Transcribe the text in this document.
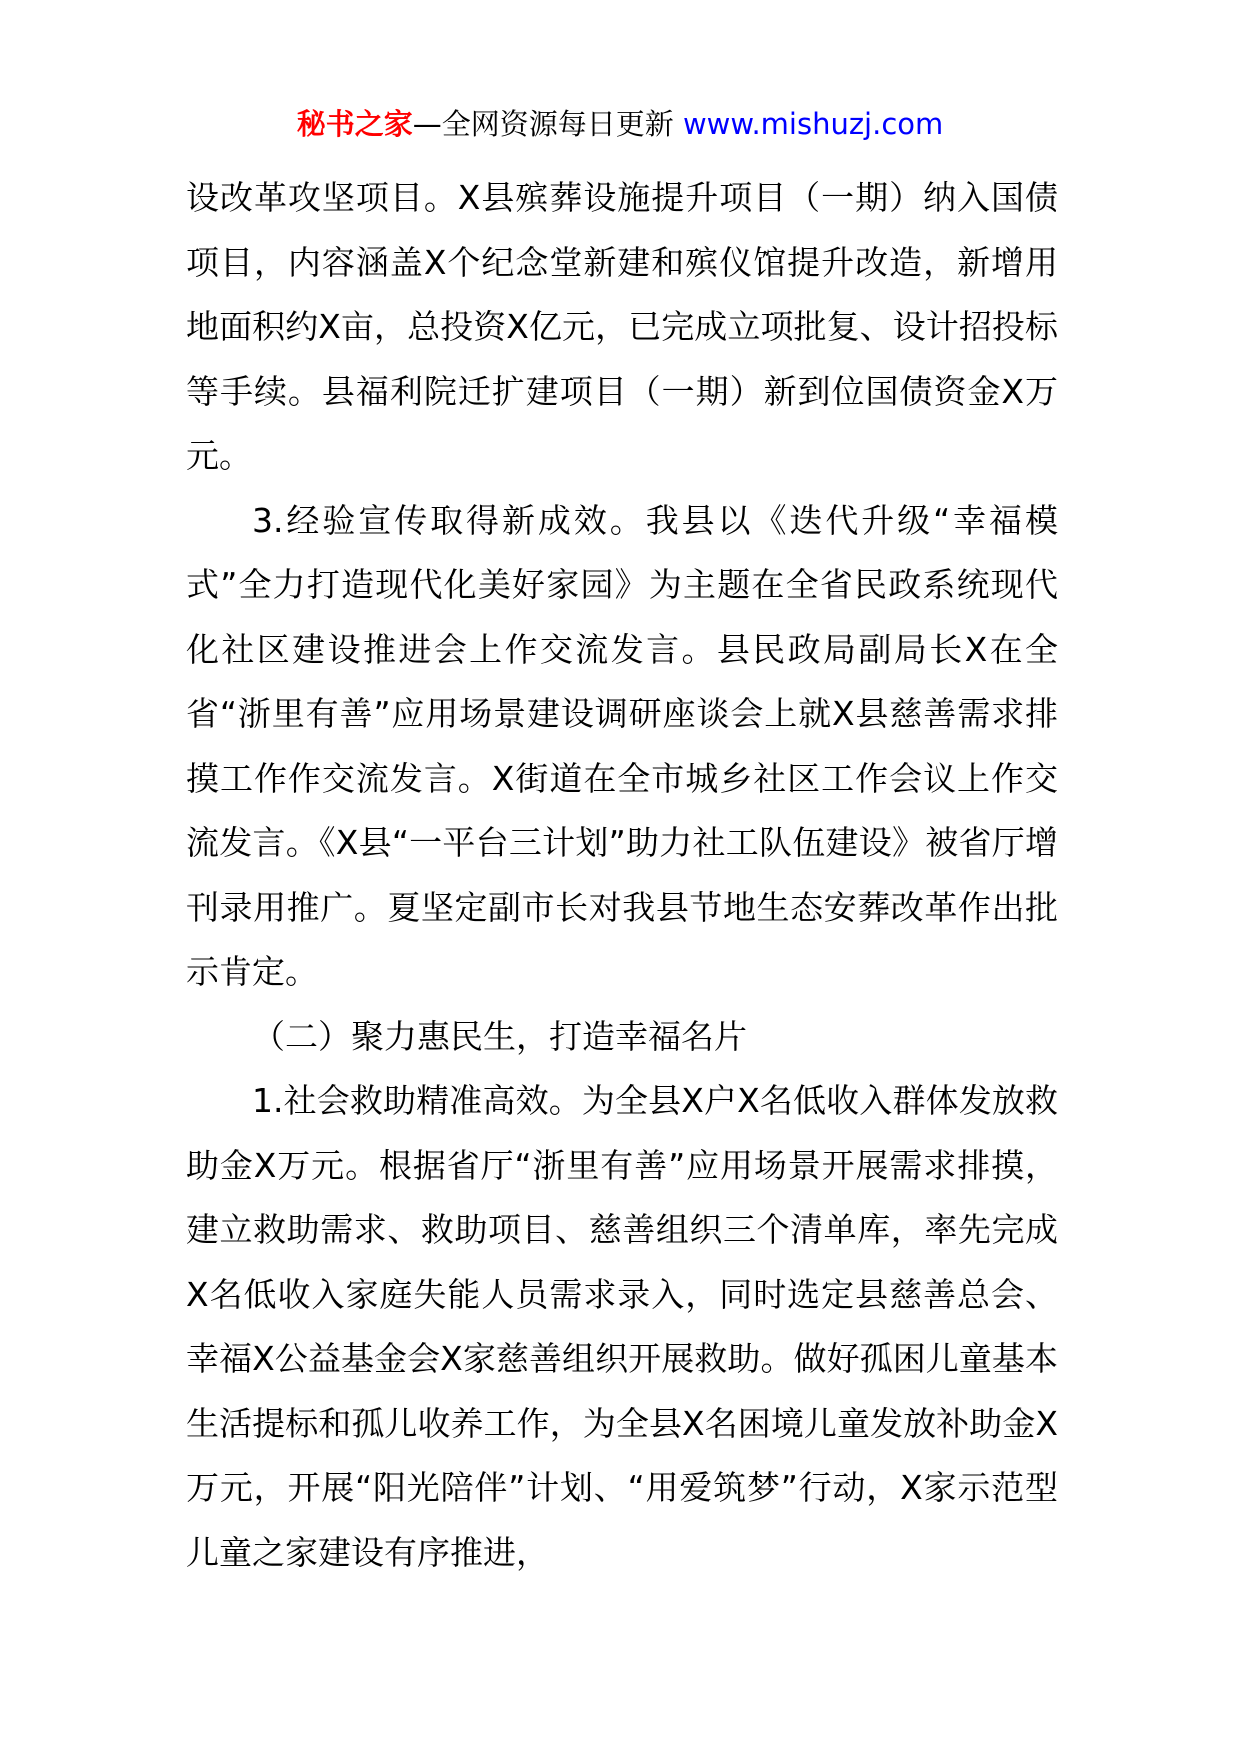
秘书之家—全网资源每日更新 www.mishuzj.com

设改革攻坚项目。X县殡葬设施提升项目（一期）纳入国债项目，内容涵盖X个纪念堂新建和殡仪馆提升改造，新增用地面积约X亩，总投资X亿元，已完成立项批复、设计招投标等手续。县福利院迁扩建项目（一期）新到位国债资金X万元。

3.经验宣传取得新成效。我县以《迭代升级“幸福模式”全力打造现代化美好家园》为主题在全省民政系统现代化社区建设推进会上作交流发言。县民政局副局长X在全省“浙里有善”应用场景建设调研座谈会上就X县慈善需求排摸工作作交流发言。X街道在全市城乡社区工作会议上作交流发言。《X县“一平台三计划”助力社工队伍建设》被省厅增刊录用推广。夏坚定副市长对我县节地生态安葬改革作出批示肯定。

（二）聚力惠民生，打造幸福名片

1.社会救助精准高效。为全县X户X名低收入群体发放救助金X万元。根据省厅“浙里有善”应用场景开展需求排摸，建立救助需求、救助项目、慈善组织三个清单库，率先完成X名低收入家庭失能人员需求录入，同时选定县慈善总会、幸福X公益基金会X家慈善组织开展救助。做好孤困儿童基本生活提标和孤儿收养工作，为全县X名困境儿童发放补助金X万元，开展“阳光陪伴”计划、“用爱筑梦”行动，X家示范型儿童之家建设有序推进，
